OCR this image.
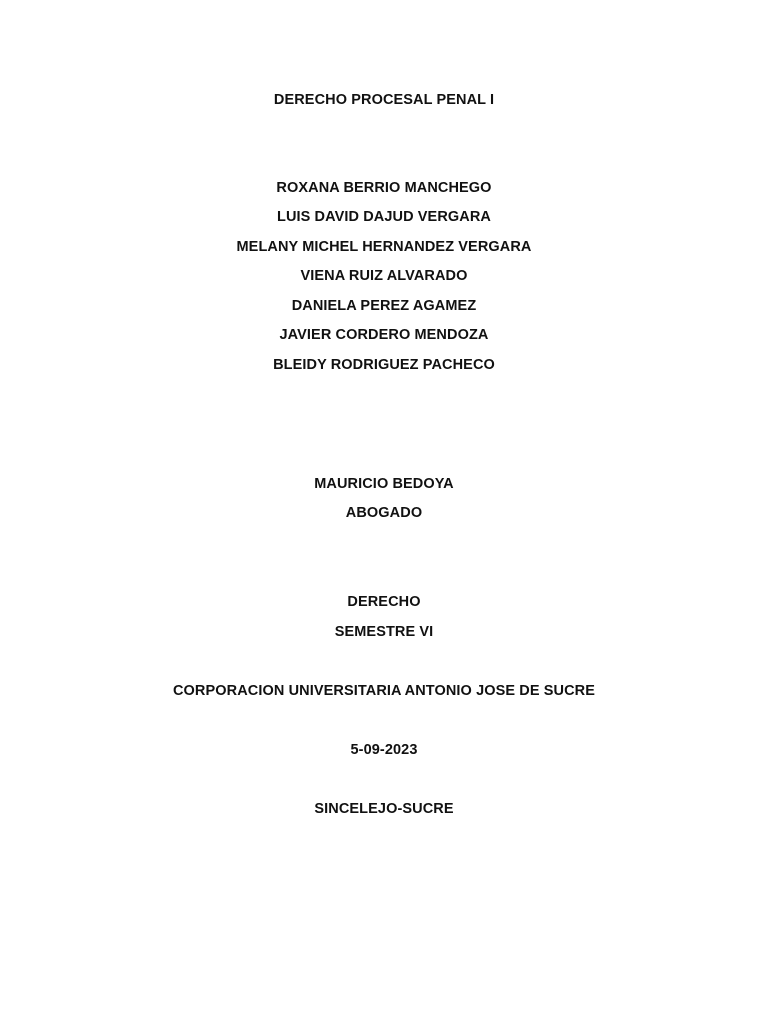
DERECHO PROCESAL PENAL I
ROXANA BERRIO MANCHEGO
LUIS DAVID DAJUD VERGARA
MELANY MICHEL HERNANDEZ VERGARA
VIENA RUIZ ALVARADO
DANIELA PEREZ AGAMEZ
JAVIER CORDERO MENDOZA
BLEIDY RODRIGUEZ PACHECO
MAURICIO BEDOYA
ABOGADO
DERECHO
SEMESTRE VI
CORPORACION UNIVERSITARIA ANTONIO JOSE DE SUCRE
5-09-2023
SINCELEJO-SUCRE
